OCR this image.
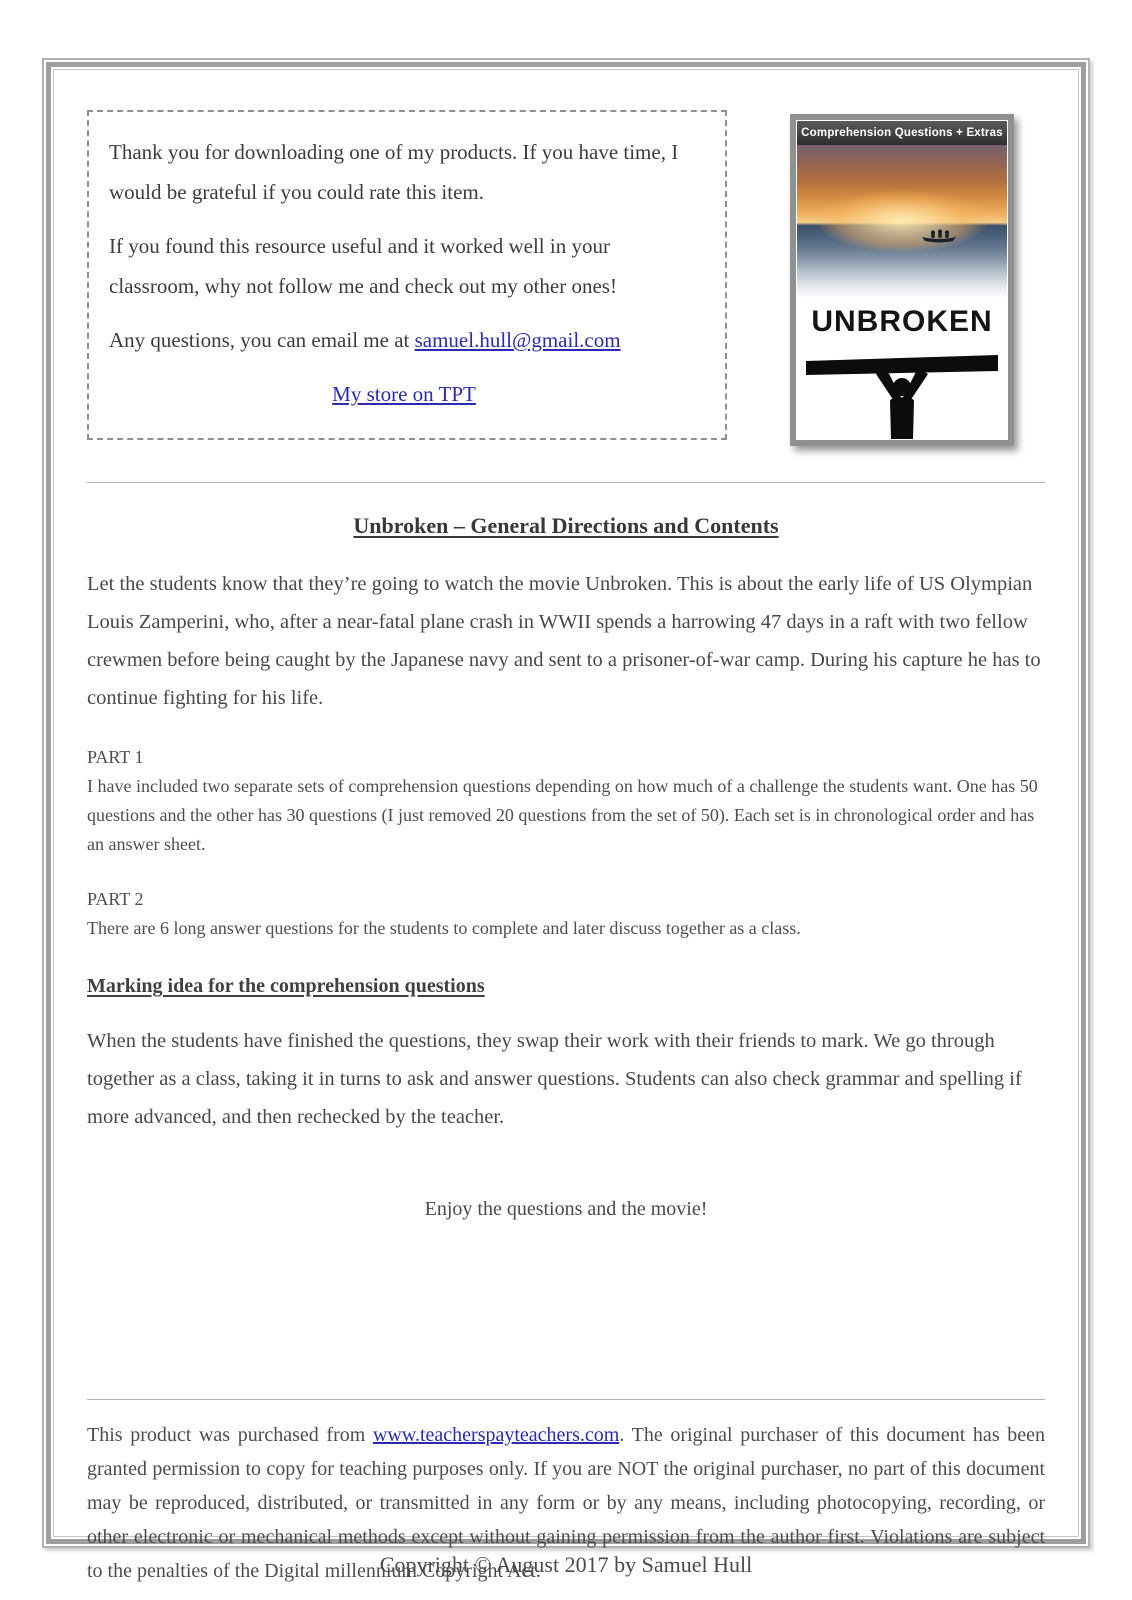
Thank you for downloading one of my products. If you have time, I would be grateful if you could rate this item.

If you found this resource useful and it worked well in your classroom, why not follow me and check out my other ones!

Any questions, you can email me at samuel.hull@gmail.com

My store on TPT

Comprehension Questions + Extras
UNBROKEN
Unbroken – General Directions and Contents

Let the students know that they’re going to watch the movie Unbroken. This is about the early life of US Olympian Louis Zamperini, who, after a near-fatal plane crash in WWII spends a harrowing 47 days in a raft with two fellow crewmen before being caught by the Japanese navy and sent to a prisoner-of-war camp. During his capture he has to continue fighting for his life.

PART 1
I have included two separate sets of comprehension questions depending on how much of a challenge the students want. One has 50 questions and the other has 30 questions (I just removed 20 questions from the set of 50). Each set is in chronological order and has an answer sheet.
PART 2
There are 6 long answer questions for the students to complete and later discuss together as a class.
Marking idea for the comprehension questions

When the students have finished the questions, they swap their work with their friends to mark. We go through together as a class, taking it in turns to ask and answer questions. Students can also check grammar and spelling if more advanced, and then rechecked by the teacher.

Enjoy the questions and the movie!

This product was purchased from www.teacherspayteachers.com. The original purchaser of this document has been granted permission to copy for teaching purposes only. If you are NOT the original purchaser, no part of this document may be reproduced, distributed, or transmitted in any form or by any means, including photocopying, recording, or other electronic or mechanical methods except without gaining permission from the author first. Violations are subject to the penalties of the Digital millennium Copyright Act.

Copyright © August 2017 by Samuel Hull
